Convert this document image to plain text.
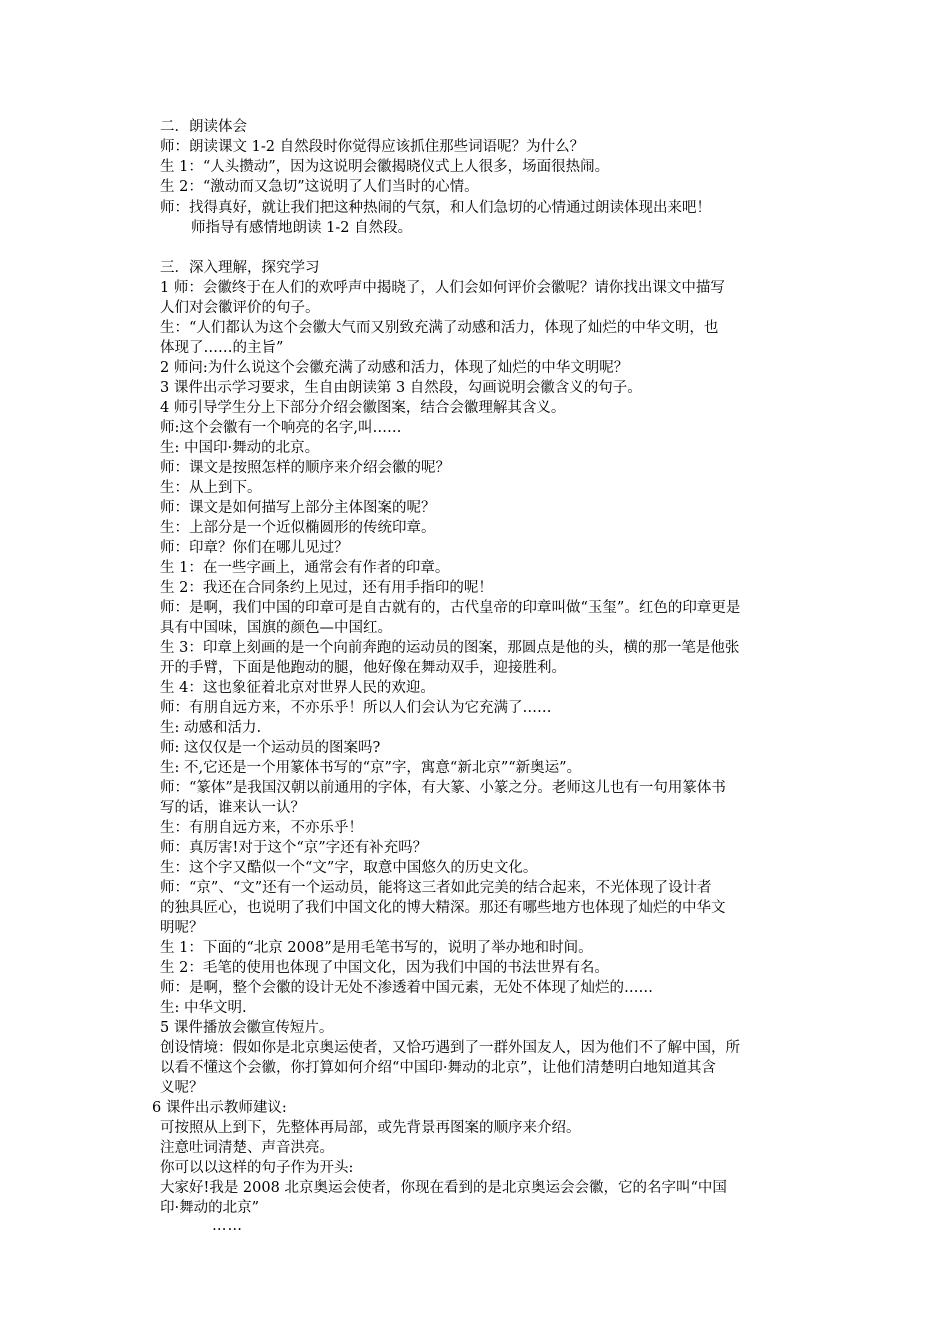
二．朗读体会
师：朗读课文 1-2 自然段时你觉得应该抓住那些词语呢？为什么？
生 1：“人头攒动”，因为这说明会徽揭晓仪式上人很多，场面很热闹。
生 2：“激动而又急切”这说明了人们当时的心情。
师：找得真好，就让我们把这种热闹的气氛，和人们急切的心情通过朗读体现出来吧！
师指导有感情地朗读 1-2 自然段。
三．深入理解，探究学习
1 师：会徽终于在人们的欢呼声中揭晓了，人们会如何评价会徽呢？请你找出课文中描写
人们对会徽评价的句子。
生：“人们都认为这个会徽大气而又别致充满了动感和活力，体现了灿烂的中华文明，也
体现了……的主旨”
2 师问:为什么说这个会徽充满了动感和活力，体现了灿烂的中华文明呢？
3 课件出示学习要求，生自由朗读第 3 自然段，勾画说明会徽含义的句子。
4 师引导学生分上下部分介绍会徽图案，结合会徽理解其含义。
师:这个会徽有一个响亮的名字,叫……
生: 中国印·舞动的北京。
师：课文是按照怎样的顺序来介绍会徽的呢？
生：从上到下。
师：课文是如何描写上部分主体图案的呢？
生：上部分是一个近似椭圆形的传统印章。
师：印章？你们在哪儿见过？
生 1：在一些字画上，通常会有作者的印章。
生 2：我还在合同条约上见过，还有用手指印的呢！
师：是啊，我们中国的印章可是自古就有的，古代皇帝的印章叫做“玉玺”。红色的印章更是
具有中国味，国旗的颜色—中国红。
生 3：印章上刻画的是一个向前奔跑的运动员的图案，那圆点是他的头，横的那一笔是他张
开的手臂，下面是他跑动的腿，他好像在舞动双手，迎接胜利。
生 4：这也象征着北京对世界人民的欢迎。
师：有朋自远方来，不亦乐乎！所以人们会认为它充满了……
生: 动感和活力.
师: 这仅仅是一个运动员的图案吗?
生: 不,它还是一个用篆体书写的“京”字，寓意“新北京”“新奥运”。
师：“篆体”是我国汉朝以前通用的字体，有大篆、小篆之分。老师这儿也有一句用篆体书
写的话，谁来认一认？
生：有朋自远方来，不亦乐乎！
师：真厉害!对于这个“京”字还有补充吗？
生：这个字又酷似一个“文”字，取意中国悠久的历史文化。
师：“京”、“文”还有一个运动员，能将这三者如此完美的结合起来，不光体现了设计者
的独具匠心，也说明了我们中国文化的博大精深。那还有哪些地方也体现了灿烂的中华文
明呢？
生 1：下面的“北京 2008”是用毛笔书写的，说明了举办地和时间。
生 2：毛笔的使用也体现了中国文化，因为我们中国的书法世界有名。
师：是啊，整个会徽的设计无处不渗透着中国元素，无处不体现了灿烂的……
生: 中华文明.
5 课件播放会徽宣传短片。
创设情境：假如你是北京奥运使者，又恰巧遇到了一群外国友人，因为他们不了解中国，所
以看不懂这个会徽，你打算如何介绍“中国印·舞动的北京”，让他们清楚明白地知道其含
义呢？
6 课件出示教师建议:
可按照从上到下，先整体再局部，或先背景再图案的顺序来介绍。
注意吐词清楚、声音洪亮。
你可以以这样的句子作为开头:
大家好!我是 2008 北京奥运会使者，你现在看到的是北京奥运会会徽，它的名字叫“中国
印·舞动的北京”
……
